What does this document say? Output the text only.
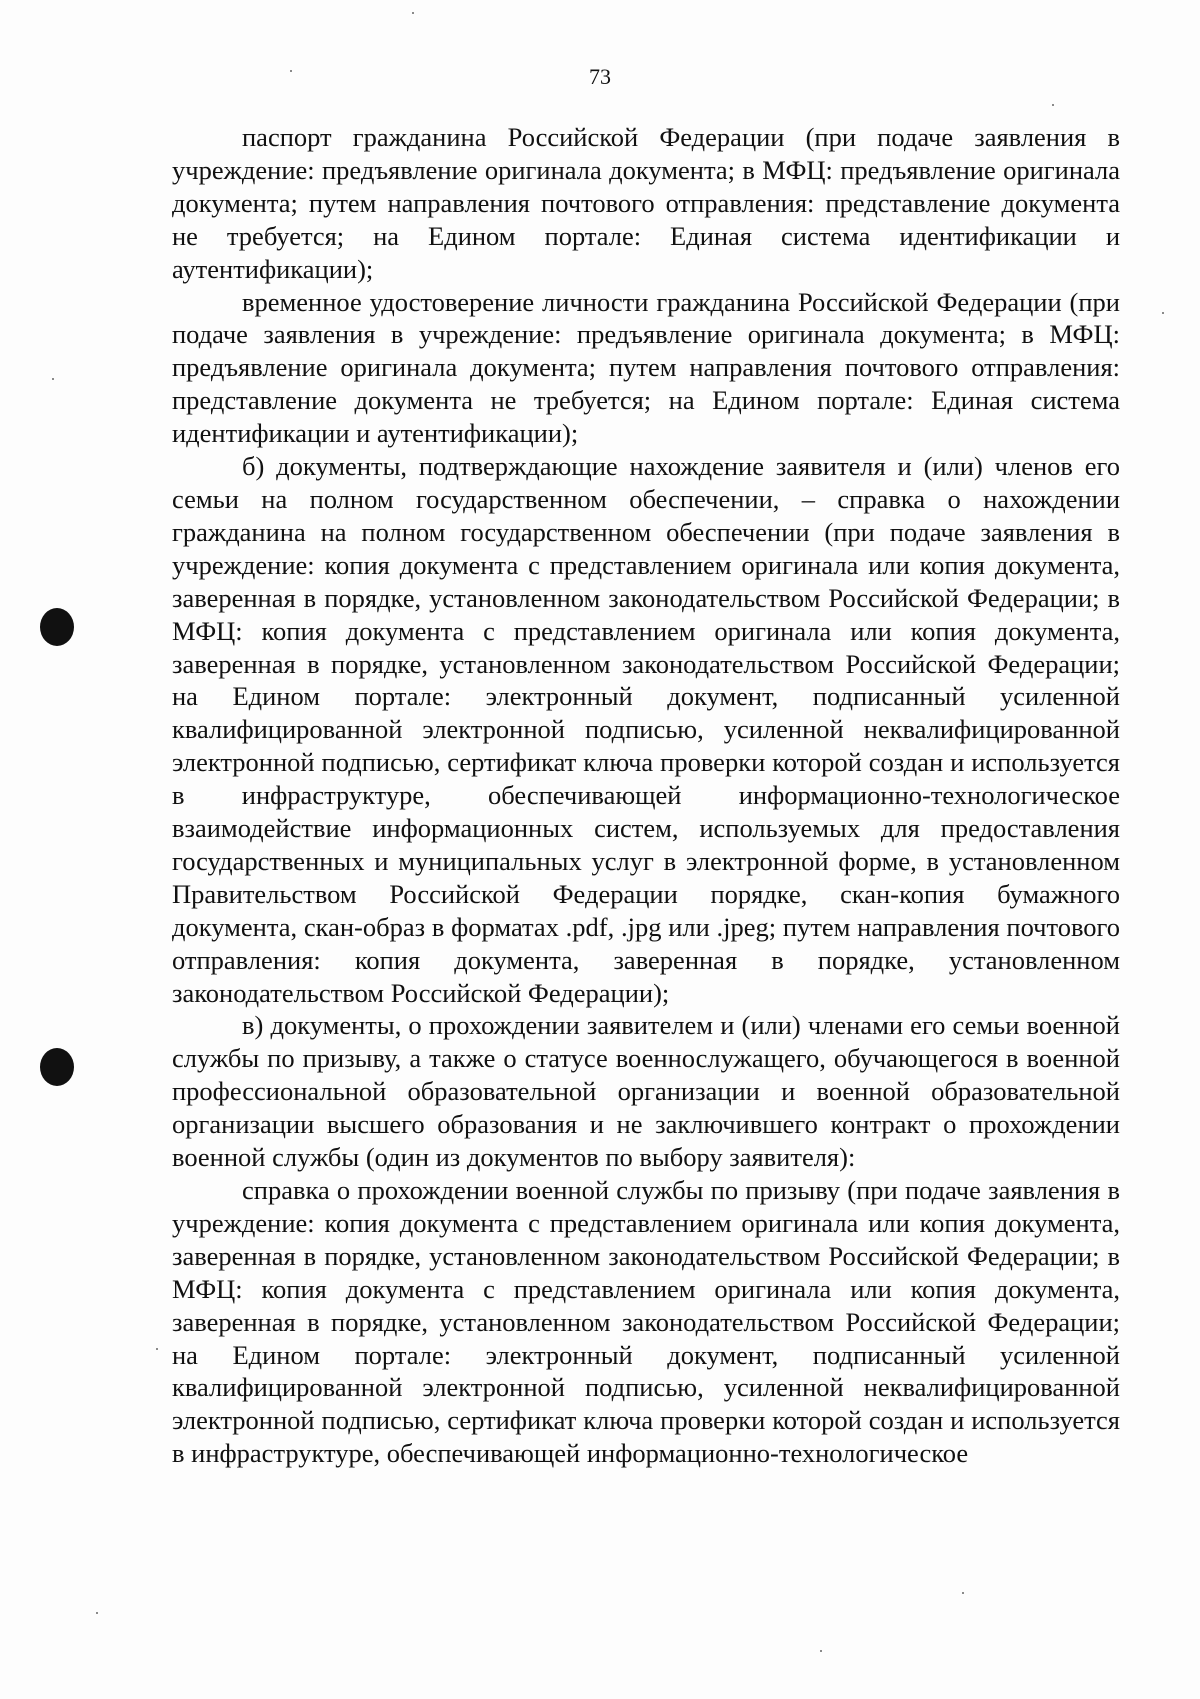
73

паспорт гражданина Российской Федерации (при подаче заявления в учреждение: предъявление оригинала документа; в МФЦ: предъявление оригинала документа; путем направления почтового отправления: представление документа не требуется; на Едином портале: Единая система идентификации и аутентификации);

временное удостоверение личности гражданина Российской Федерации (при подаче заявления в учреждение: предъявление оригинала документа; в МФЦ: предъявление оригинала документа; путем направления почтового отправления: представление документа не требуется; на Едином портале: Единая система идентификации и аутентификации);

б) документы, подтверждающие нахождение заявителя и (или) членов его семьи на полном государственном обеспечении, – справка о нахождении гражданина на полном государственном обеспечении (при подаче заявления в учреждение: копия документа с представлением оригинала или копия документа, заверенная в порядке, установленном законодательством Российской Федерации; в МФЦ: копия документа с представлением оригинала или копия документа, заверенная в порядке, установленном законодательством Российской Федерации; на Едином портале: электронный документ, подписанный усиленной квалифицированной электронной подписью, усиленной неквалифицированной электронной подписью, сертификат ключа проверки которой создан и используется в инфраструктуре, обеспечивающей информационно-технологическое взаимодействие информационных систем, используемых для предоставления государственных и муниципальных услуг в электронной форме, в установленном Правительством Российской Федерации порядке, скан-копия бумажного документа, скан-образ в форматах .pdf, .jpg или .jpeg; путем направления почтового отправления: копия документа, заверенная в порядке, установленном законодательством Российской Федерации);

в) документы, о прохождении заявителем и (или) членами его семьи военной службы по призыву, а также о статусе военнослужащего, обучающегося в военной профессиональной образовательной организации и военной образовательной организации высшего образования и не заключившего контракт о прохождении военной службы (один из документов по выбору заявителя):

справка о прохождении военной службы по призыву (при подаче заявления в учреждение: копия документа с представлением оригинала или копия документа, заверенная в порядке, установленном законодательством Российской Федерации; в МФЦ: копия документа с представлением оригинала или копия документа, заверенная в порядке, установленном законодательством Российской Федерации; на Едином портале: электронный документ, подписанный усиленной квалифицированной электронной подписью, усиленной неквалифицированной электронной подписью, сертификат ключа проверки которой создан и используется в инфраструктуре, обеспечивающей информационно-технологическое
